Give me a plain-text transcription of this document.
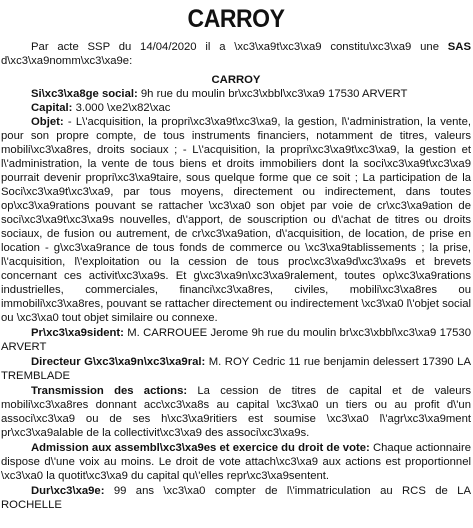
CARROY

Par acte SSP du 14/04/2020 il a \xc3\xa9t\xc3\xa9 constitu\xc3\xa9 une SAS d\xc3\xa9nomm\xc3\xa9e:

CARROY

Si\xc3\xa8ge social: 9h rue du moulin br\xc3\xbbl\xc3\xa9 17530 ARVERT

Capital: 3.000 \xe2\x82\xac

Objet: - L\'acquisition, la propri\xc3\xa9t\xc3\xa9, la gestion, l\'administration, la vente, pour son propre compte, de tous instruments financiers, notamment de titres, valeurs mobili\xc3\xa8res, droits sociaux ; - L\'acquisition, la propri\xc3\xa9t\xc3\xa9, la gestion et l\'administration, la vente de tous biens et droits immobiliers dont la soci\xc3\xa9t\xc3\xa9 pourrait devenir propri\xc3\xa9taire, sous quelque forme que ce soit ; La participation de la Soci\xc3\xa9t\xc3\xa9, par tous moyens, directement ou indirectement, dans toutes op\xc3\xa9rations pouvant se rattacher \xc3\xa0 son objet par voie de cr\xc3\xa9ation de soci\xc3\xa9t\xc3\xa9s nouvelles, d\'apport, de souscription ou d\'achat de titres ou droits sociaux, de fusion ou autrement, de cr\xc3\xa9ation, d\'acquisition, de location, de prise en location - g\xc3\xa9rance de tous fonds de commerce ou \xc3\xa9tablissements ; la prise, l\'acquisition, l\'exploitation ou la cession de tous proc\xc3\xa9d\xc3\xa9s et brevets concernant ces activit\xc3\xa9s. Et g\xc3\xa9n\xc3\xa9ralement, toutes op\xc3\xa9rations industrielles, commerciales, financi\xc3\xa8res, civiles, mobili\xc3\xa8res ou immobili\xc3\xa8res, pouvant se rattacher directement ou indirectement \xc3\xa0 l\'objet social ou \xc3\xa0 tout objet similaire ou connexe.

Pr\xc3\xa9sident: M. CARROUEE Jerome 9h rue du moulin br\xc3\xbbl\xc3\xa9 17530 ARVERT

Directeur G\xc3\xa9n\xc3\xa9ral: M. ROY Cedric 11 rue benjamin delessert 17390 LA TREMBLADE

Transmission des actions: La cession de titres de capital et de valeurs mobili\xc3\xa8res donnant acc\xc3\xa8s au capital \xc3\xa0 un tiers ou au profit d\'un associ\xc3\xa9 ou de ses h\xc3\xa9ritiers est soumise \xc3\xa0 l\'agr\xc3\xa9ment pr\xc3\xa9alable de la collectivit\xc3\xa9 des associ\xc3\xa9s.

Admission aux assembl\xc3\xa9es et exercice du droit de vote: Chaque actionnaire dispose d\'une voix au moins. Le droit de vote attach\xc3\xa9 aux actions est proportionnel \xc3\xa0 la quotit\xc3\xa9 du capital qu\'elles repr\xc3\xa9sentent.

Dur\xc3\xa9e: 99 ans \xc3\xa0 compter de l\'immatriculation au RCS de LA ROCHELLE
